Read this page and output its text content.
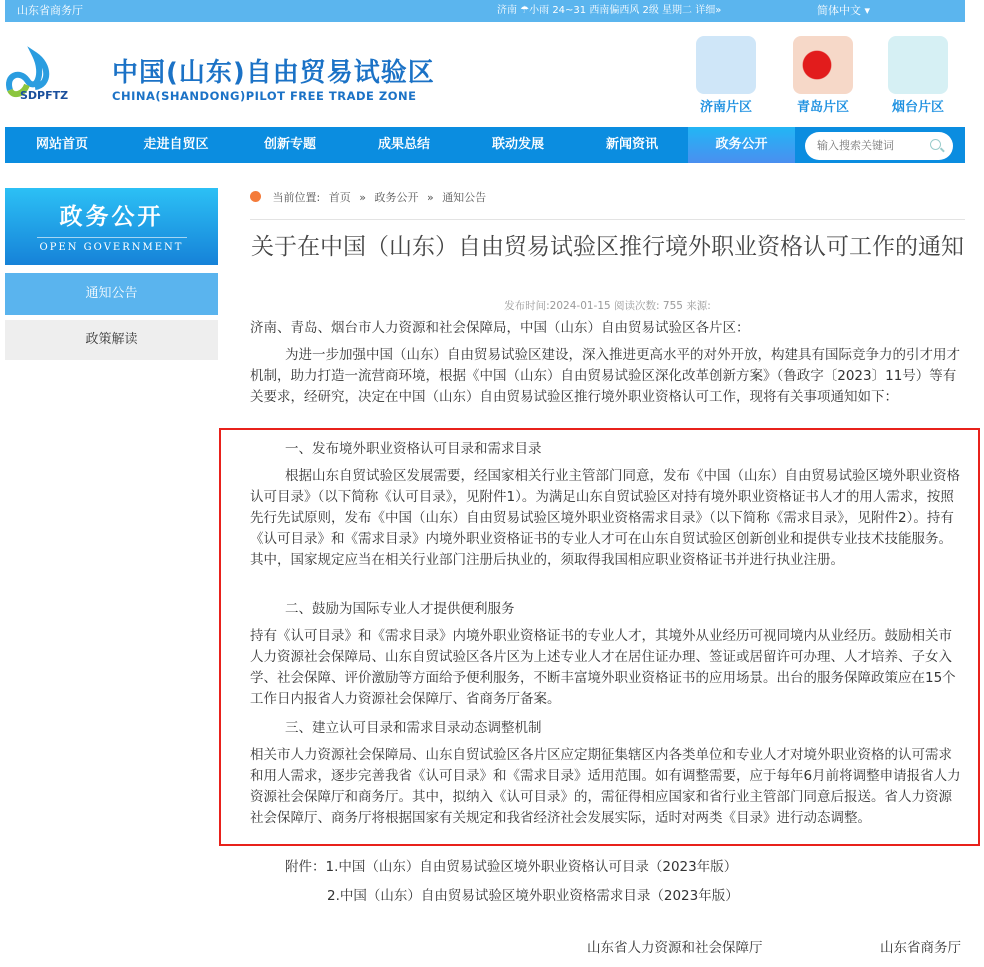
山东省商务厅	济南 ☂小雨 24~31 西南偏西风 2级 星期二 详细»	简体中文 ▾
SDPFTZ
中国(山东)自由贸易试验区
CHINA(SHANDONG)PILOT FREE TRADE ZONE
济南片区	青岛片区	烟台片区
网站首页	走进自贸区	创新专题	成果总结	联动发展	新闻资讯	政务公开	输入搜索关键词
政务公开
OPEN GOVERNMENT
通知公告
政策解读
当前位置: 首页 » 政务公开 » 通知公告
关于在中国（山东）自由贸易试验区推行境外职业资格认可工作的通知
发布时间:2024-01-15 阅读次数: 755 来源:

济南、青岛、烟台市人力资源和社会保障局，中国（山东）自由贸易试验区各片区：

为进一步加强中国（山东）自由贸易试验区建设，深入推进更高水平的对外开放，构建具有国际竞争力的引才用才机制，助力打造一流营商环境，根据《中国（山东）自由贸易试验区深化改革创新方案》（鲁政字〔2023〕11号）等有关要求，经研究，决定在中国（山东）自由贸易试验区推行境外职业资格认可工作，现将有关事项通知如下：

一、发布境外职业资格认可目录和需求目录
根据山东自贸试验区发展需要，经国家相关行业主管部门同意，发布《中国（山东）自由贸易试验区境外职业资格认可目录》（以下简称《认可目录》，见附件1）。为满足山东自贸试验区对持有境外职业资格证书人才的用人需求，按照先行先试原则，发布《中国（山东）自由贸易试验区境外职业资格需求目录》（以下简称《需求目录》，见附件2）。持有《认可目录》和《需求目录》内境外职业资格证书的专业人才可在山东自贸试验区创新创业和提供专业技术技能服务。其中，国家规定应当在相关行业部门注册后执业的，须取得我国相应职业资格证书并进行执业注册。
二、鼓励为国际专业人才提供便利服务
持有《认可目录》和《需求目录》内境外职业资格证书的专业人才，其境外从业经历可视同境内从业经历。鼓励相关市人力资源社会保障局、山东自贸试验区各片区为上述专业人才在居住证办理、签证或居留许可办理、人才培养、子女入学、社会保障、评价激励等方面给予便利服务，不断丰富境外职业资格证书的应用场景。出台的服务保障政策应在15个工作日内报省人力资源社会保障厅、省商务厅备案。
三、建立认可目录和需求目录动态调整机制
相关市人力资源社会保障局、山东自贸试验区各片区应定期征集辖区内各类单位和专业人才对境外职业资格的认可需求和用人需求，逐步完善我省《认可目录》和《需求目录》适用范围。如有调整需要，应于每年6月前将调整申请报省人力资源社会保障厅和商务厅。其中，拟纳入《认可目录》的，需征得相应国家和省行业主管部门同意后报送。省人力资源社会保障厅、商务厅将根据国家有关规定和我省经济社会发展实际，适时对两类《目录》进行动态调整。
附件：1.中国（山东）自由贸易试验区境外职业资格认可目录（2023年版）
2.中国（山东）自由贸易试验区境外职业资格需求目录（2023年版）
山东省人力资源和社会保障厅	山东省商务厅
